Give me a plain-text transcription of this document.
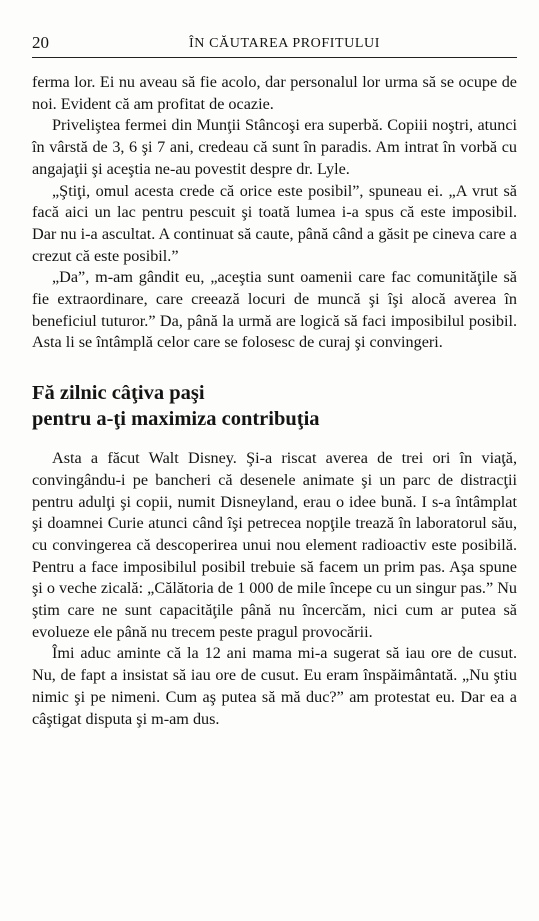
20	ÎN CĂUTAREA PROFITULUI

ferma lor. Ei nu aveau să fie acolo, dar personalul lor urma să se ocupe de noi. Evident că am profitat de ocazie.

Priveliştea fermei din Munţii Stâncoşi era superbă. Copiii noştri, atunci în vârstă de 3, 6 şi 7 ani, credeau că sunt în paradis. Am intrat în vorbă cu angajaţii şi aceştia ne-au povestit despre dr. Lyle.

„Ştiţi, omul acesta crede că orice este posibil”, spuneau ei. „A vrut să facă aici un lac pentru pescuit şi toată lumea i-a spus că este imposibil. Dar nu i-a ascultat. A continuat să caute, până când a găsit pe cineva care a crezut că este posibil.”

„Da”, m-am gândit eu, „aceştia sunt oamenii care fac comunităţile să fie extraordinare, care creează locuri de muncă şi îşi alocă averea în beneficiul tuturor.” Da, până la urmă are logică să faci imposibilul posibil. Asta li se întâmplă celor care se folosesc de curaj şi convingeri.

Fă zilnic câţiva paşi
pentru a-ţi maximiza contribuţia

Asta a făcut Walt Disney. Şi-a riscat averea de trei ori în viaţă, convingându-i pe bancheri că desenele animate şi un parc de distracţii pentru adulţi şi copii, numit Disneyland, erau o idee bună. I s-a întâmplat şi doamnei Curie atunci când îşi petrecea nopţile trează în laboratorul său, cu convingerea că descoperirea unui nou element radioactiv este posibilă. Pentru a face imposibilul posibil trebuie să facem un prim pas. Aşa spune şi o veche zicală: „Călătoria de 1 000 de mile începe cu un singur pas.” Nu ştim care ne sunt capacităţile până nu încercăm, nici cum ar putea să evolueze ele până nu trecem peste pragul provocării.

Îmi aduc aminte că la 12 ani mama mi-a sugerat să iau ore de cusut. Nu, de fapt a insistat să iau ore de cusut. Eu eram înspăimântată. „Nu ştiu nimic şi pe nimeni. Cum aş putea să mă duc?” am protestat eu. Dar ea a câştigat disputa şi m-am dus.
